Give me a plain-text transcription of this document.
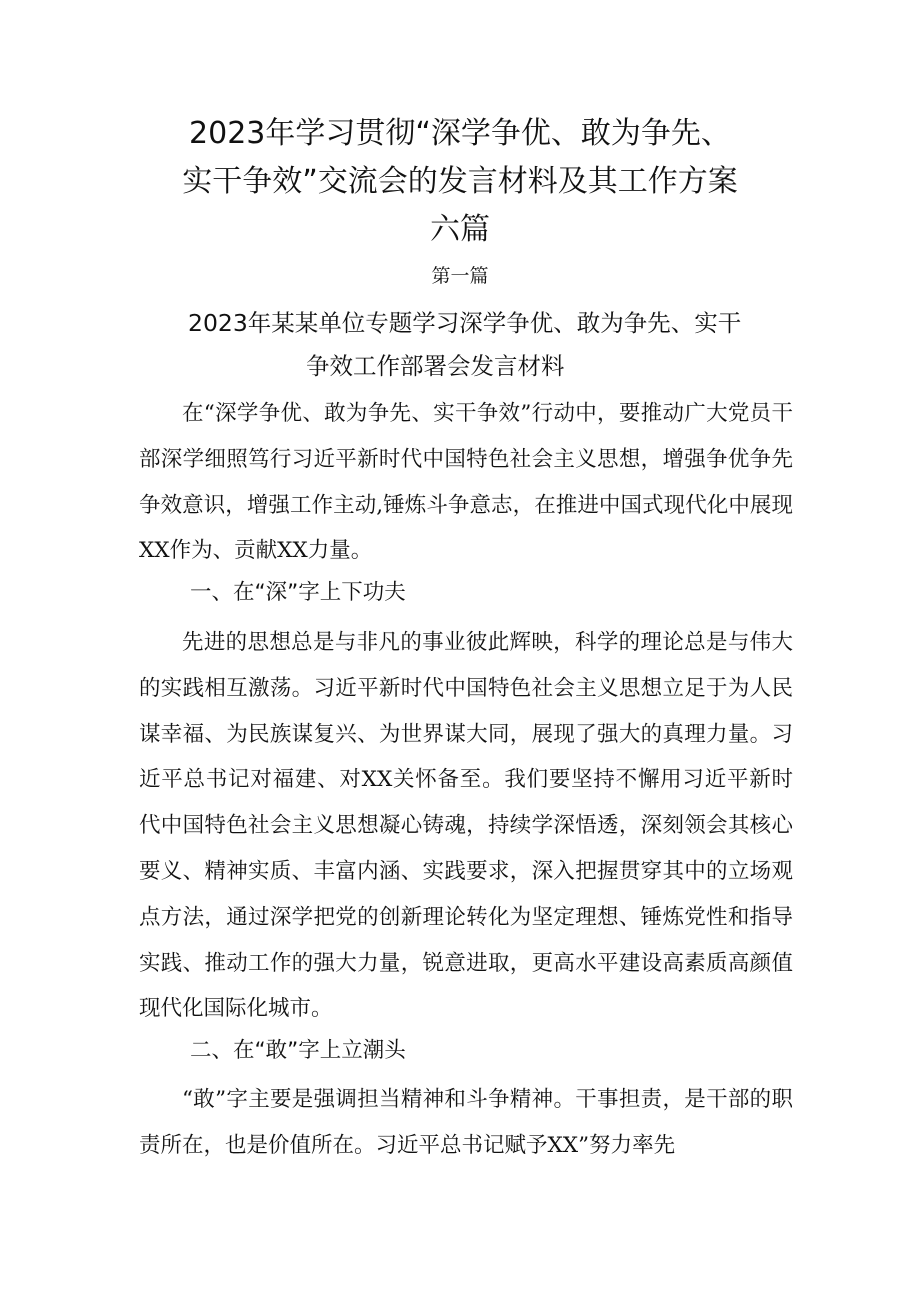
2023年学习贯彻“深学争优、敢为争先、
实干争效”交流会的发言材料及其工作方案
六篇
第一篇
2023年某某单位专题学习深学争优、敢为争先、实干
争效工作部署会发言材料
在“深学争优、敢为争先、实干争效”行动中，要推动广大党员干部深学细照笃行习近平新时代中国特色社会主义思想，增强争优争先争效意识，增强工作主动,锤炼斗争意志，在推进中国式现代化中展现XX作为、贡献XX力量。
一、在“深”字上下功夫
先进的思想总是与非凡的事业彼此辉映，科学的理论总是与伟大的实践相互激荡。习近平新时代中国特色社会主义思想立足于为人民谋幸福、为民族谋复兴、为世界谋大同，展现了强大的真理力量。习近平总书记对福建、对XX关怀备至。我们要坚持不懈用习近平新时代中国特色社会主义思想凝心铸魂，持续学深悟透，深刻领会其核心要义、精神实质、丰富内涵、实践要求，深入把握贯穿其中的立场观点方法，通过深学把党的创新理论转化为坚定理想、锤炼党性和指导实践、推动工作的强大力量，锐意进取，更高水平建设高素质高颜值现代化国际化城市。
二、在“敢”字上立潮头
“敢”字主要是强调担当精神和斗争精神。干事担责，是干部的职责所在，也是价值所在。习近平总书记赋予XX”努力率先
